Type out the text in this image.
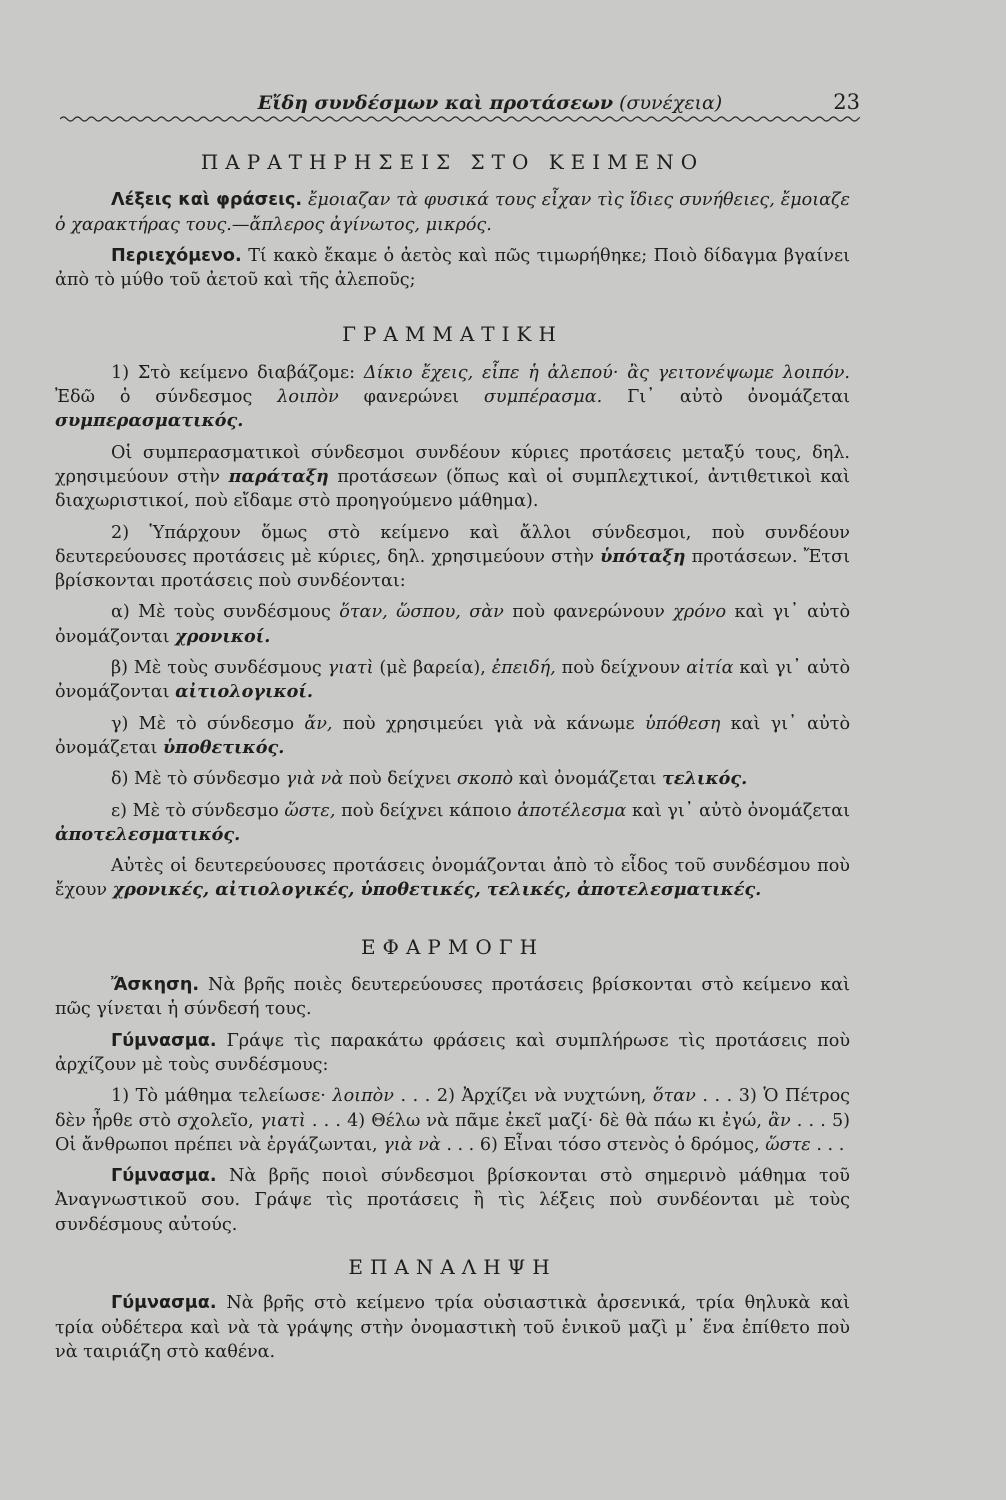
Εἴδη συνδέσμων καὶ προτάσεων (συνέχεια)	23

ΠΑΡΑΤΗΡΗΣΕΙΣ ΣΤΟ ΚΕΙΜΕΝΟ

Λέξεις καὶ φράσεις. ἔμοιαζαν τὰ φυσικά τους εἶχαν τὶς ἴδιες συνήθειες, ἔμοιαζε ὁ χαρακτήρας τους.—ἄπλερος ἀγίνωτος, μικρός.

Περιεχόμενο. Τί κακὸ ἔκαμε ὁ ἀετὸς καὶ πῶς τιμωρήθηκε; Ποιὸ δίδαγμα βγαίνει ἀπὸ τὸ μύθο τοῦ ἀετοῦ καὶ τῆς ἀλεποῦς;

ΓΡΑΜΜΑΤΙΚΗ

1) Στὸ κείμενο διαβάζομε: Δίκιο ἔχεις, εἶπε ἡ ἀλεπού· ἂς γειτονέψωμε λοιπόν. Ἐδῶ ὁ σύνδεσμος λοιπὸν φανερώνει συμπέρασμα. Γι᾿ αὐτὸ ὀνομάζεται συμπερασματικός.

Οἱ συμπερασματικοὶ σύνδεσμοι συνδέουν κύριες προτάσεις μεταξύ τους, δηλ. χρησιμεύουν στὴν παράταξη προτάσεων (ὅπως καὶ οἱ συμπλεχτικοί, ἀντιθετικοὶ καὶ διαχωριστικοί, ποὺ εἴδαμε στὸ προηγούμενο μάθημα).

2) Ὑπάρχουν ὅμως στὸ κείμενο καὶ ἄλλοι σύνδεσμοι, ποὺ συνδέουν δευτερεύουσες προτάσεις μὲ κύριες, δηλ. χρησιμεύουν στὴν ὑπόταξη προτάσεων. Ἔτσι βρίσκονται προτάσεις ποὺ συνδέονται:

α) Μὲ τοὺς συνδέσμους ὅταν, ὥσπου, σὰν ποὺ φανερώνουν χρόνο καὶ γι᾿ αὐτὸ ὀνομάζονται χρονικοί.

β) Μὲ τοὺς συνδέσμους γιατὶ (μὲ βαρεία), ἐπειδή, ποὺ δείχνουν αἰτία καὶ γι᾿ αὐτὸ ὀνομάζονται αἰτιολογικοί.

γ) Μὲ τὸ σύνδεσμο ἄν, ποὺ χρησιμεύει γιὰ νὰ κάνωμε ὑπόθεση καὶ γι᾿ αὐτὸ ὀνομάζεται ὑποθετικός.

δ) Μὲ τὸ σύνδεσμο γιὰ νὰ ποὺ δείχνει σκοπὸ καὶ ὀνομάζεται τελικός.

ε) Μὲ τὸ σύνδεσμο ὥστε, ποὺ δείχνει κάποιο ἀποτέλεσμα καὶ γι᾿ αὐτὸ ὀνομάζεται ἀποτελεσματικός.

Αὐτὲς οἱ δευτερεύουσες προτάσεις ὀνομάζονται ἀπὸ τὸ εἶδος τοῦ συνδέσμου ποὺ ἔχουν χρονικές, αἰτιολογικές, ὑποθετικές, τελικές, ἀποτελεσματικές.

ΕΦΑΡΜΟΓΗ

Ἄσκηση. Νὰ βρῆς ποιὲς δευτερεύουσες προτάσεις βρίσκονται στὸ κείμενο καὶ πῶς γίνεται ἡ σύνδεσή τους.

Γύμνασμα. Γράψε τὶς παρακάτω φράσεις καὶ συμπλήρωσε τὶς προτάσεις ποὺ ἀρχίζουν μὲ τοὺς συνδέσμους:

1) Τὸ μάθημα τελείωσε· λοιπὸν . . . 2) Ἀρχίζει νὰ νυχτώνη, ὅταν . . . 3) Ὁ Πέτρος δὲν ἦρθε στὸ σχολεῖο, γιατὶ . . . 4) Θέλω νὰ πᾶμε ἐκεῖ μαζί· δὲ θὰ πάω κι ἐγώ, ἂν . . . 5) Οἱ ἄνθρωποι πρέπει νὰ ἐργάζωνται, γιὰ νὰ . . . 6) Εἶναι τόσο στενὸς ὁ δρόμος, ὥστε . . .

Γύμνασμα. Νὰ βρῆς ποιοὶ σύνδεσμοι βρίσκονται στὸ σημερινὸ μάθημα τοῦ Ἀναγνωστικοῦ σου. Γράψε τὶς προτάσεις ἢ τὶς λέξεις ποὺ συνδέονται μὲ τοὺς συνδέσμους αὐτούς.

ΕΠΑΝΑΛΗΨΗ

Γύμνασμα. Νὰ βρῆς στὸ κείμενο τρία οὐσιαστικὰ ἀρσενικά, τρία θηλυκὰ καὶ τρία οὐδέτερα καὶ νὰ τὰ γράψης στὴν ὀνομαστικὴ τοῦ ἑνικοῦ μαζὶ μ᾿ ἕνα ἐπίθετο ποὺ νὰ ταιριάζη στὸ καθένα.
